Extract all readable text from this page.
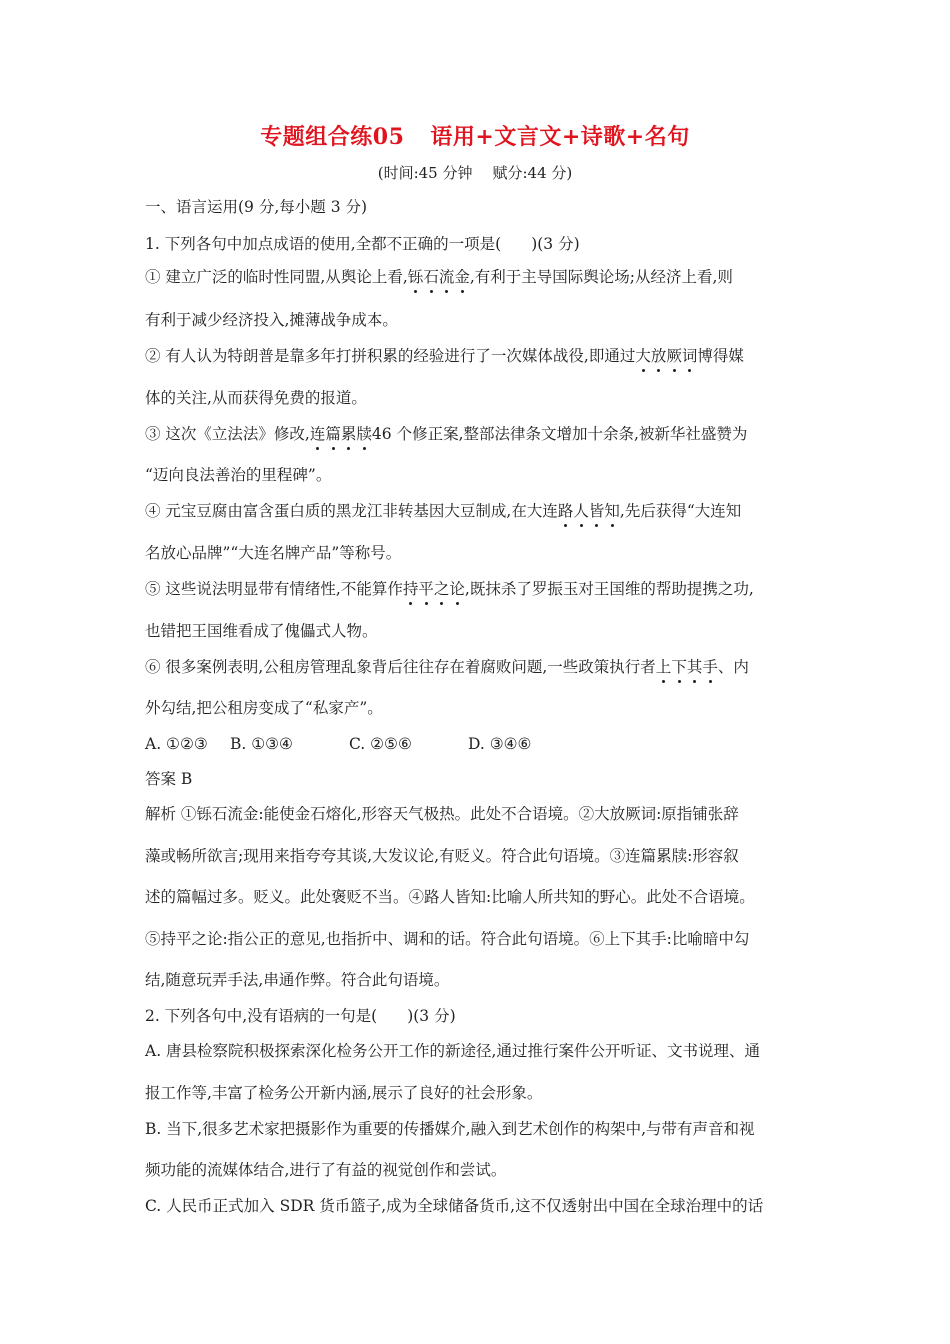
专题组合练05 语用+文言文+诗歌+名句
(时间:45 分钟 赋分:44 分)
一、语言运用(9 分,每小题 3 分)
1. 下列各句中加点成语的使用,全都不正确的一项是( )(3 分)
① 建立广泛的临时性同盟,从舆论上看,铄石流金,有利于主导国际舆论场;从经济上看,则
有利于减少经济投入,摊薄战争成本。
② 有人认为特朗普是靠多年打拼积累的经验进行了一次媒体战役,即通过大放厥词博得媒
体的关注,从而获得免费的报道。
③ 这次《立法法》修改,连篇累牍46 个修正案,整部法律条文增加十余条,被新华社盛赞为
“迈向良法善治的里程碑”。
④ 元宝豆腐由富含蛋白质的黑龙江非转基因大豆制成,在大连路人皆知,先后获得“大连知
名放心品牌”“大连名牌产品”等称号。
⑤ 这些说法明显带有情绪性,不能算作持平之论,既抹杀了罗振玉对王国维的帮助提携之功,
也错把王国维看成了傀儡式人物。
⑥ 很多案例表明,公租房管理乱象背后往往存在着腐败问题,一些政策执行者上下其手、内
外勾结,把公租房变成了“私家产”。
A. ①②③ B. ①③④	C. ②⑤⑥	D. ③④⑥
答案 B
解析 ①铄石流金:能使金石熔化,形容天气极热。此处不合语境。②大放厥词:原指铺张辞
藻或畅所欲言;现用来指夸夸其谈,大发议论,有贬义。符合此句语境。③连篇累牍:形容叙
述的篇幅过多。贬义。此处褒贬不当。④路人皆知:比喻人所共知的野心。此处不合语境。
⑤持平之论:指公正的意见,也指折中、调和的话。符合此句语境。⑥上下其手:比喻暗中勾
结,随意玩弄手法,串通作弊。符合此句语境。
2. 下列各句中,没有语病的一句是( )(3 分)
A. 唐县检察院积极探索深化检务公开工作的新途径,通过推行案件公开听证、文书说理、通
报工作等,丰富了检务公开新内涵,展示了良好的社会形象。
B. 当下,很多艺术家把摄影作为重要的传播媒介,融入到艺术创作的构架中,与带有声音和视
频功能的流媒体结合,进行了有益的视觉创作和尝试。
C. 人民币正式加入 SDR 货币篮子,成为全球储备货币,这不仅透射出中国在全球治理中的话
